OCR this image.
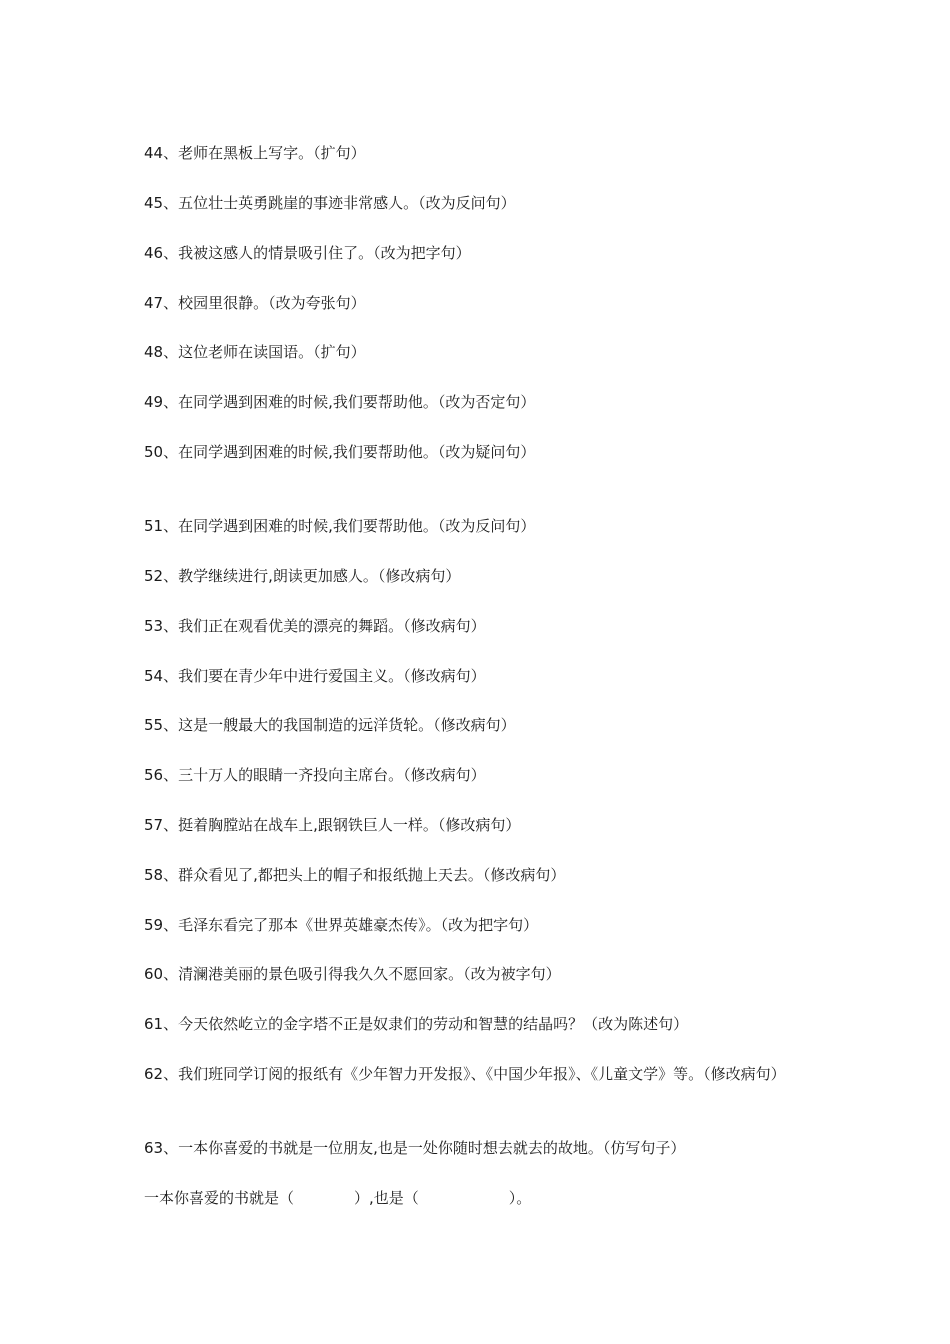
44、老师在黑板上写字。（扩句）
45、五位壮士英勇跳崖的事迹非常感人。（改为反问句）
46、我被这感人的情景吸引住了。（改为把字句）
47、校园里很静。（改为夸张句）
48、这位老师在读国语。（扩句）
49、在同学遇到困难的时候,我们要帮助他。（改为否定句）
50、在同学遇到困难的时候,我们要帮助他。（改为疑问句）
51、在同学遇到困难的时候,我们要帮助他。（改为反问句）
52、教学继续进行,朗读更加感人。（修改病句）
53、我们正在观看优美的漂亮的舞蹈。（修改病句）
54、我们要在青少年中进行爱国主义。（修改病句）
55、这是一艘最大的我国制造的远洋货轮。（修改病句）
56、三十万人的眼睛一齐投向主席台。（修改病句）
57、挺着胸膛站在战车上,跟钢铁巨人一样。（修改病句）
58、群众看见了,都把头上的帽子和报纸抛上天去。（修改病句）
59、毛泽东看完了那本《世界英雄豪杰传》。（改为把字句）
60、清澜港美丽的景色吸引得我久久不愿回家。（改为被字句）
61、今天依然屹立的金字塔不正是奴隶们的劳动和智慧的结晶吗？（改为陈述句）
62、我们班同学订阅的报纸有《少年智力开发报》、《中国少年报》、《儿童文学》等。（修改病句）
63、一本你喜爱的书就是一位朋友,也是一处你随时想去就去的故地。（仿写句子）
一本你喜爱的书就是（　　　　）,也是（　　　　　　）。
